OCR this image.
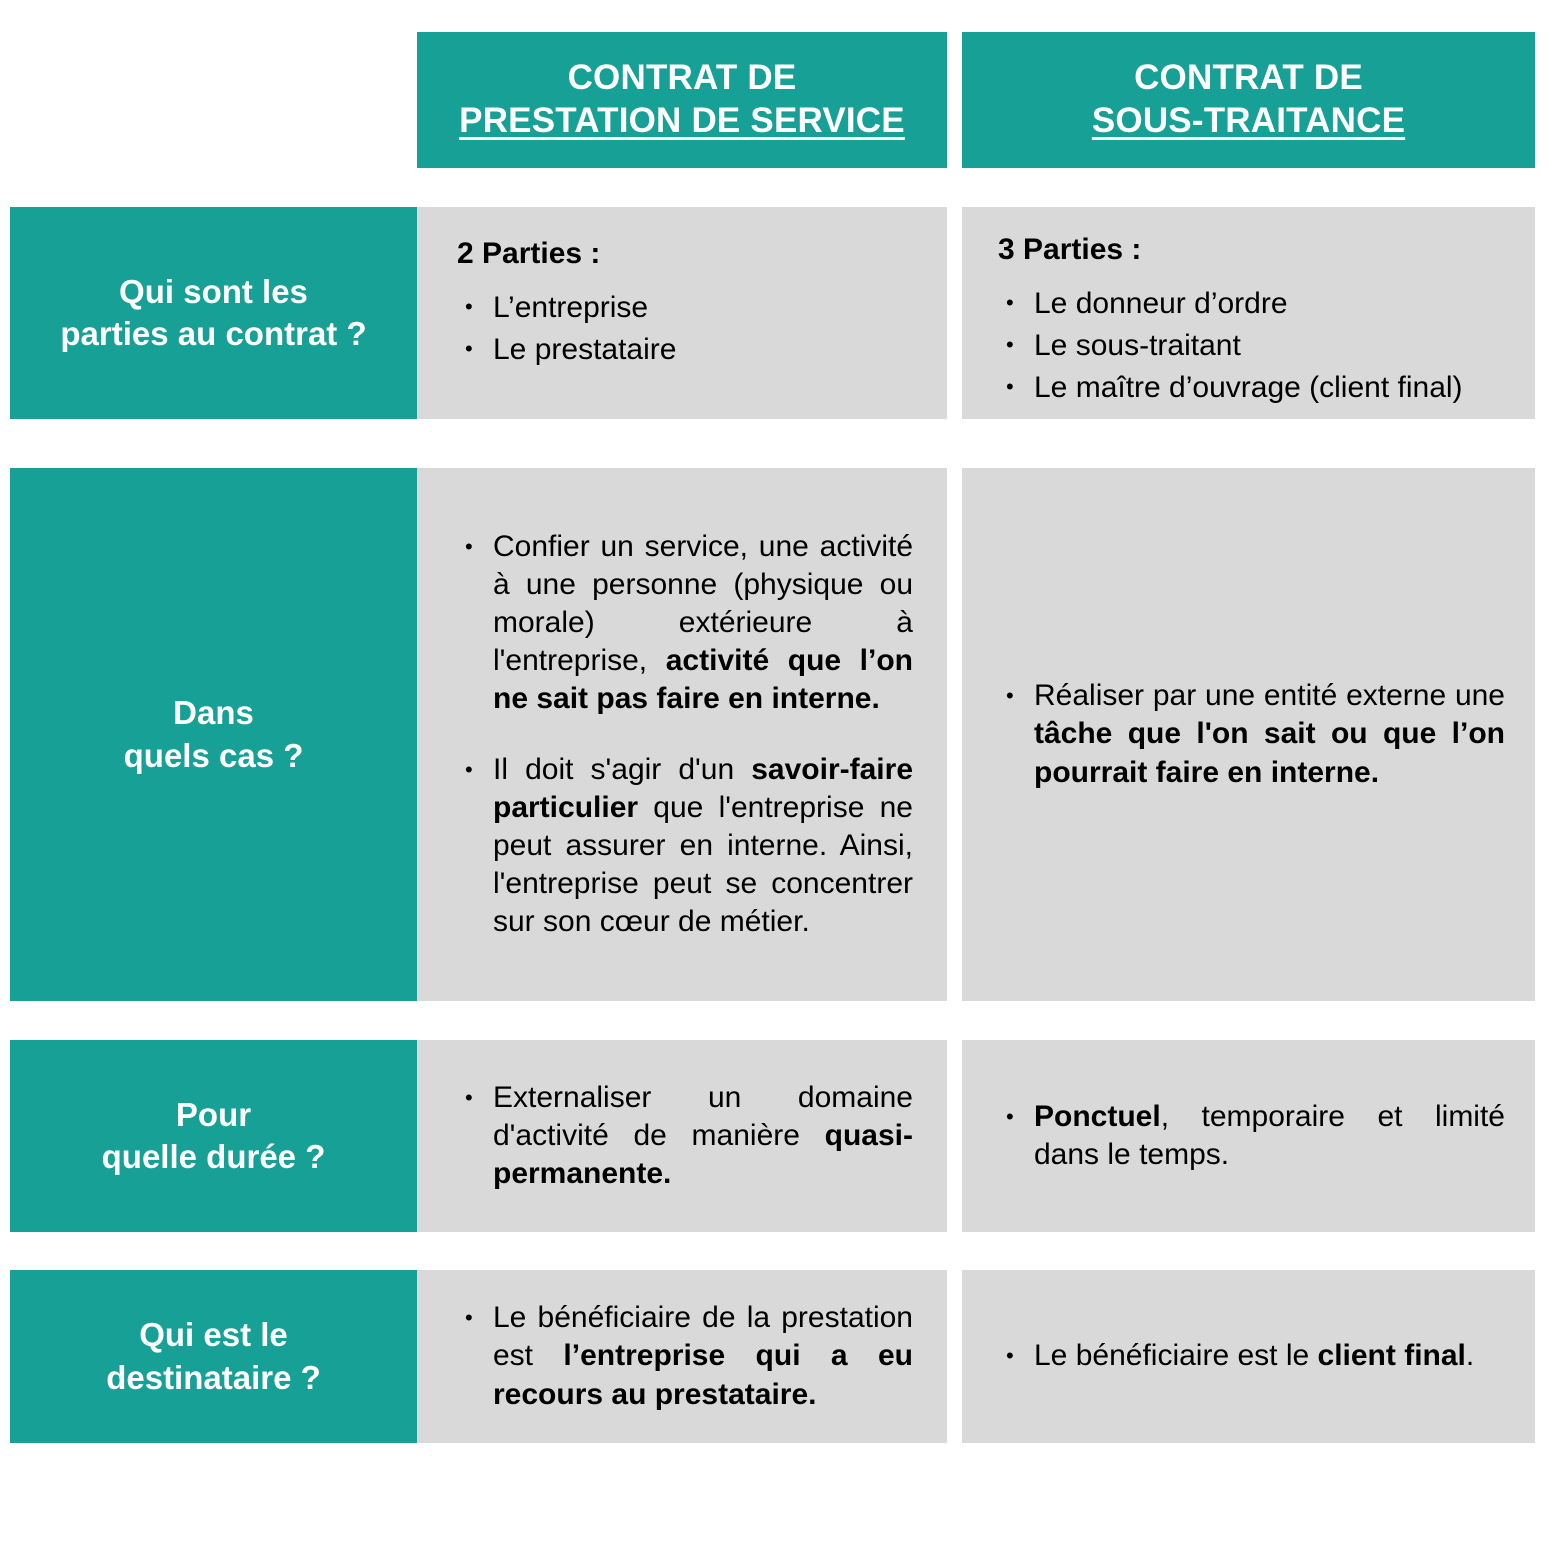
CONTRAT DE
PRESTATION DE SERVICE
CONTRAT DE
SOUS-TRAITANCE
Qui sont les
parties au contrat ?
2 Parties :
• L’entreprise
• Le prestataire
3 Parties :
• Le donneur d’ordre
• Le sous-traitant
• Le maître d’ouvrage (client final)
Dans
quels cas ?
• Confier un service, une activité à une personne (physique ou morale) extérieure à l'entreprise, activité que l’on ne sait pas faire en interne.
• Il doit s'agir d'un savoir-faire particulier que l'entreprise ne peut assurer en interne. Ainsi, l'entreprise peut se concentrer sur son cœur de métier.
• Réaliser par une entité externe une tâche que l'on sait ou que l’on pourrait faire en interne.
Pour
quelle durée ?
• Externaliser un domaine d'activité de manière quasi-permanente.
• Ponctuel, temporaire et limité dans le temps.
Qui est le
destinataire ?
• Le bénéficiaire de la prestation est l’entreprise qui a eu recours au prestataire.
• Le bénéficiaire est le client final.
